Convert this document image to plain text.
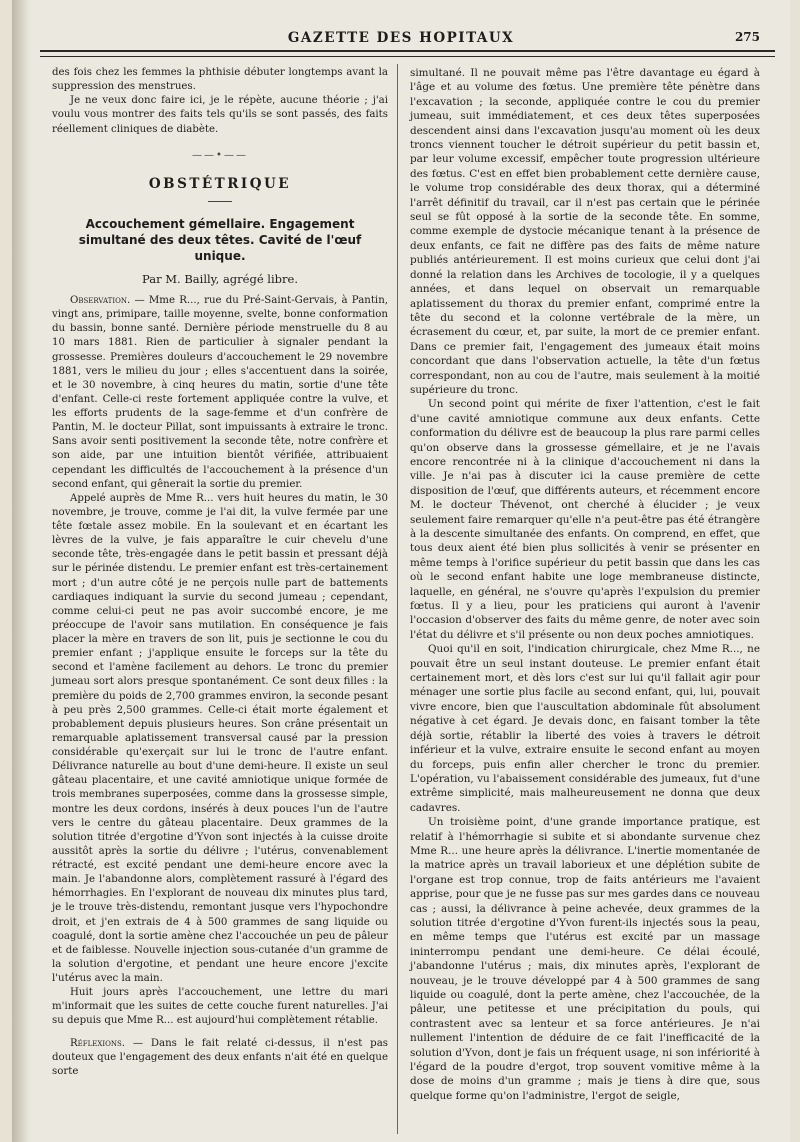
GAZETTE DES HOPITAUX	275

des fois chez les femmes la phthisie débuter longtemps avant la suppression des menstrues.

Je ne veux donc faire ici, je le répète, aucune théorie ; j'ai voulu vous montrer des faits tels qu'ils se sont passés, des faits réellement cliniques de diabète.

——•——
OBSTÉTRIQUE
Accouchement gémellaire. Engagement simultané des deux têtes. Cavité de l'œuf unique.
Par M. Bailly, agrégé libre.

Observation. — Mme R..., rue du Pré-Saint-Gervais, à Pantin, vingt ans, primipare, taille moyenne, svelte, bonne conformation du bassin, bonne santé. Dernière période menstruelle du 8 au 10 mars 1881. Rien de particulier à signaler pendant la grossesse. Premières douleurs d'accouchement le 29 novembre 1881, vers le milieu du jour ; elles s'accentuent dans la soirée, et le 30 novembre, à cinq heures du matin, sortie d'une tête d'enfant. Celle-ci reste fortement appliquée contre la vulve, et les efforts prudents de la sage-femme et d'un confrère de Pantin, M. le docteur Pillat, sont impuissants à extraire le tronc. Sans avoir senti positivement la seconde tête, notre confrère et son aide, par une intuition bientôt vérifiée, attribuaient cependant les difficultés de l'accouchement à la présence d'un second enfant, qui gênerait la sortie du premier.

Appelé auprès de Mme R... vers huit heures du matin, le 30 novembre, je trouve, comme je l'ai dit, la vulve fermée par une tête fœtale assez mobile. En la soulevant et en écartant les lèvres de la vulve, je fais apparaître le cuir chevelu d'une seconde tête, très-engagée dans le petit bassin et pressant déjà sur le périnée distendu. Le premier enfant est très-certainement mort ; d'un autre côté je ne perçois nulle part de battements cardiaques indiquant la survie du second jumeau ; cependant, comme celui-ci peut ne pas avoir succombé encore, je me préoccupe de l'avoir sans mutilation. En conséquence je fais placer la mère en travers de son lit, puis je sectionne le cou du premier enfant ; j'applique ensuite le forceps sur la tête du second et l'amène facilement au dehors. Le tronc du premier jumeau sort alors presque spontanément. Ce sont deux filles : la première du poids de 2,700 grammes environ, la seconde pesant à peu près 2,500 grammes. Celle-ci était morte également et probablement depuis plusieurs heures. Son crâne présentait un remarquable aplatissement transversal causé par la pression considérable qu'exerçait sur lui le tronc de l'autre enfant. Délivrance naturelle au bout d'une demi-heure. Il existe un seul gâteau placentaire, et une cavité amniotique unique formée de trois membranes superposées, comme dans la grossesse simple, montre les deux cordons, insérés à deux pouces l'un de l'autre vers le centre du gâteau placentaire. Deux grammes de la solution titrée d'ergotine d'Yvon sont injectés à la cuisse droite aussitôt après la sortie du délivre ; l'utérus, convenablement rétracté, est excité pendant une demi-heure encore avec la main. Je l'abandonne alors, complètement rassuré à l'égard des hémorrhagies. En l'explorant de nouveau dix minutes plus tard, je le trouve très-distendu, remontant jusque vers l'hypochondre droit, et j'en extrais de 4 à 500 grammes de sang liquide ou coagulé, dont la sortie amène chez l'accouchée un peu de pâleur et de faiblesse. Nouvelle injection sous-cutanée d'un gramme de la solution d'ergotine, et pendant une heure encore j'excite l'utérus avec la main.

Huit jours après l'accouchement, une lettre du mari m'informait que les suites de cette couche furent naturelles. J'ai su depuis que Mme R... est aujourd'hui complètement rétablie.

Réflexions. — Dans le fait relaté ci-dessus, il n'est pas douteux que l'engagement des deux enfants n'ait été en quelque sorte

simultané. Il ne pouvait même pas l'être davantage eu égard à l'âge et au volume des fœtus. Une première tête pénètre dans l'excavation ; la seconde, appliquée contre le cou du premier jumeau, suit immédiatement, et ces deux têtes superposées descendent ainsi dans l'excavation jusqu'au moment où les deux troncs viennent toucher le détroit supérieur du petit bassin et, par leur volume excessif, empêcher toute progression ultérieure des fœtus. C'est en effet bien probablement cette dernière cause, le volume trop considérable des deux thorax, qui a déterminé l'arrêt définitif du travail, car il n'est pas certain que le périnée seul se fût opposé à la sortie de la seconde tête. En somme, comme exemple de dystocie mécanique tenant à la présence de deux enfants, ce fait ne diffère pas des faits de même nature publiés antérieurement. Il est moins curieux que celui dont j'ai donné la relation dans les Archives de tocologie, il y a quelques années, et dans lequel on observait un remarquable aplatissement du thorax du premier enfant, comprimé entre la tête du second et la colonne vertébrale de la mère, un écrasement du cœur, et, par suite, la mort de ce premier enfant. Dans ce premier fait, l'engagement des jumeaux était moins concordant que dans l'observation actuelle, la tête d'un fœtus correspondant, non au cou de l'autre, mais seulement à la moitié supérieure du tronc.

Un second point qui mérite de fixer l'attention, c'est le fait d'une cavité amniotique commune aux deux enfants. Cette conformation du délivre est de beaucoup la plus rare parmi celles qu'on observe dans la grossesse gémellaire, et je ne l'avais encore rencontrée ni à la clinique d'accouchement ni dans la ville. Je n'ai pas à discuter ici la cause première de cette disposition de l'œuf, que différents auteurs, et récemment encore M. le docteur Thévenot, ont cherché à élucider ; je veux seulement faire remarquer qu'elle n'a peut-être pas été étrangère à la descente simultanée des enfants. On comprend, en effet, que tous deux aient été bien plus sollicités à venir se présenter en même temps à l'orifice supérieur du petit bassin que dans les cas où le second enfant habite une loge membraneuse distincte, laquelle, en général, ne s'ouvre qu'après l'expulsion du premier fœtus. Il y a lieu, pour les praticiens qui auront à l'avenir l'occasion d'observer des faits du même genre, de noter avec soin l'état du délivre et s'il présente ou non deux poches amniotiques.

Quoi qu'il en soit, l'indication chirurgicale, chez Mme R..., ne pouvait être un seul instant douteuse. Le premier enfant était certainement mort, et dès lors c'est sur lui qu'il fallait agir pour ménager une sortie plus facile au second enfant, qui, lui, pouvait vivre encore, bien que l'auscultation abdominale fût absolument négative à cet égard. Je devais donc, en faisant tomber la tête déjà sortie, rétablir la liberté des voies à travers le détroit inférieur et la vulve, extraire ensuite le second enfant au moyen du forceps, puis enfin aller chercher le tronc du premier. L'opération, vu l'abaissement considérable des jumeaux, fut d'une extrême simplicité, mais malheureusement ne donna que deux cadavres.

Un troisième point, d'une grande importance pratique, est relatif à l'hémorrhagie si subite et si abondante survenue chez Mme R... une heure après la délivrance. L'inertie momentanée de la matrice après un travail laborieux et une déplétion subite de l'organe est trop connue, trop de faits antérieurs me l'avaient apprise, pour que je ne fusse pas sur mes gardes dans ce nouveau cas ; aussi, la délivrance à peine achevée, deux grammes de la solution titrée d'ergotine d'Yvon furent-ils injectés sous la peau, en même temps que l'utérus est excité par un massage ininterrompu pendant une demi-heure. Ce délai écoulé, j'abandonne l'utérus ; mais, dix minutes après, l'explorant de nouveau, je le trouve développé par 4 à 500 grammes de sang liquide ou coagulé, dont la perte amène, chez l'accouchée, de la pâleur, une petitesse et une précipitation du pouls, qui contrastent avec sa lenteur et sa force antérieures. Je n'ai nullement l'intention de déduire de ce fait l'inefficacité de la solution d'Yvon, dont je fais un fréquent usage, ni son infériorité à l'égard de la poudre d'ergot, trop souvent vomitive même à la dose de moins d'un gramme ; mais je tiens à dire que, sous quelque forme qu'on l'administre, l'ergot de seigle,
